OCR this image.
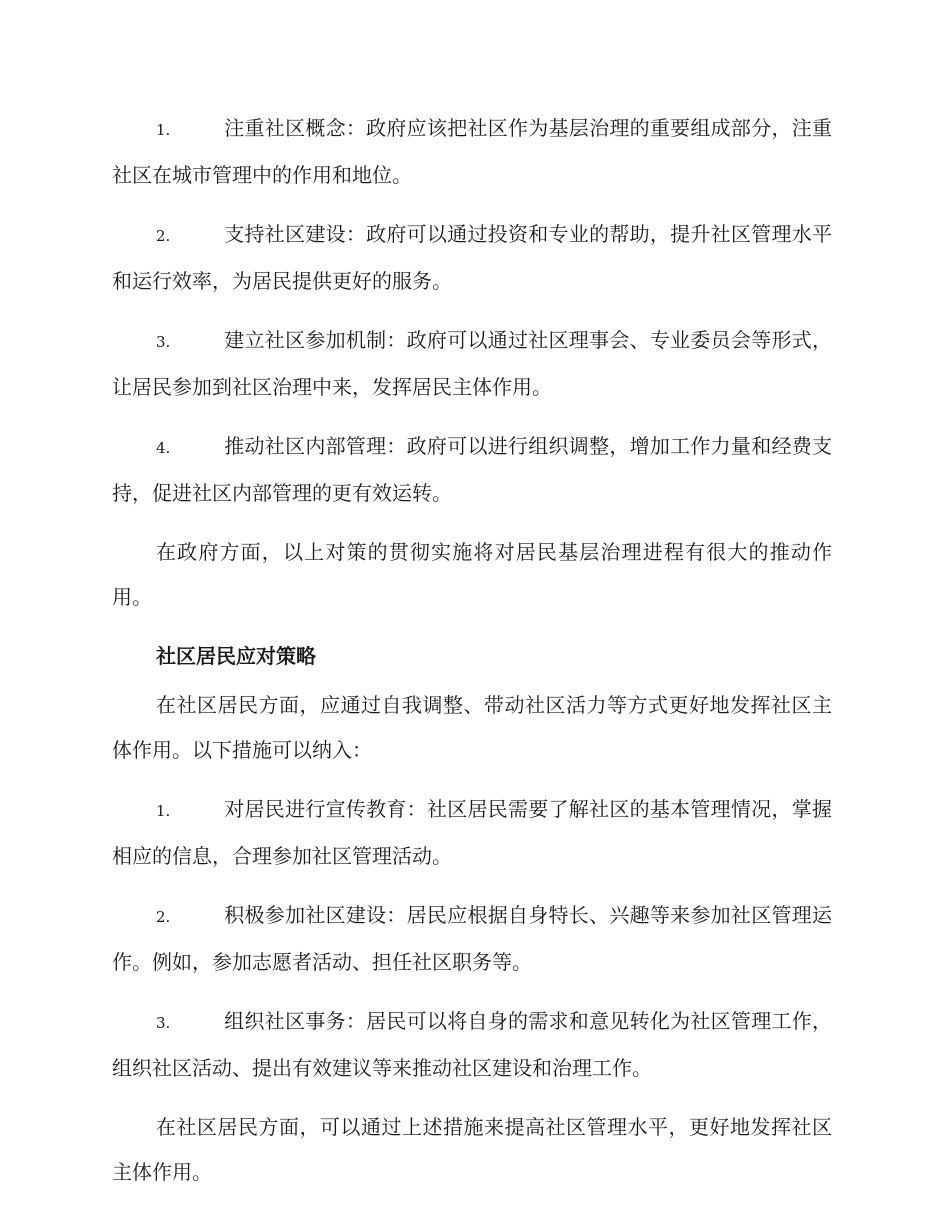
1.	注重社区概念：政府应该把社区作为基层治理的重要组成部分，注重社区在城市管理中的作用和地位。

2.	支持社区建设：政府可以通过投资和专业的帮助，提升社区管理水平和运行效率，为居民提供更好的服务。

3.	建立社区参加机制：政府可以通过社区理事会、专业委员会等形式，让居民参加到社区治理中来，发挥居民主体作用。

4.	推动社区内部管理：政府可以进行组织调整，增加工作力量和经费支持，促进社区内部管理的更有效运转。

在政府方面，以上对策的贯彻实施将对居民基层治理进程有很大的推动作用。

社区居民应对策略

在社区居民方面，应通过自我调整、带动社区活力等方式更好地发挥社区主体作用。以下措施可以纳入：

1.	对居民进行宣传教育：社区居民需要了解社区的基本管理情况，掌握相应的信息，合理参加社区管理活动。

2.	积极参加社区建设：居民应根据自身特长、兴趣等来参加社区管理运作。例如，参加志愿者活动、担任社区职务等。

3.	组织社区事务：居民可以将自身的需求和意见转化为社区管理工作，组织社区活动、提出有效建议等来推动社区建设和治理工作。

在社区居民方面，可以通过上述措施来提高社区管理水平，更好地发挥社区主体作用。
